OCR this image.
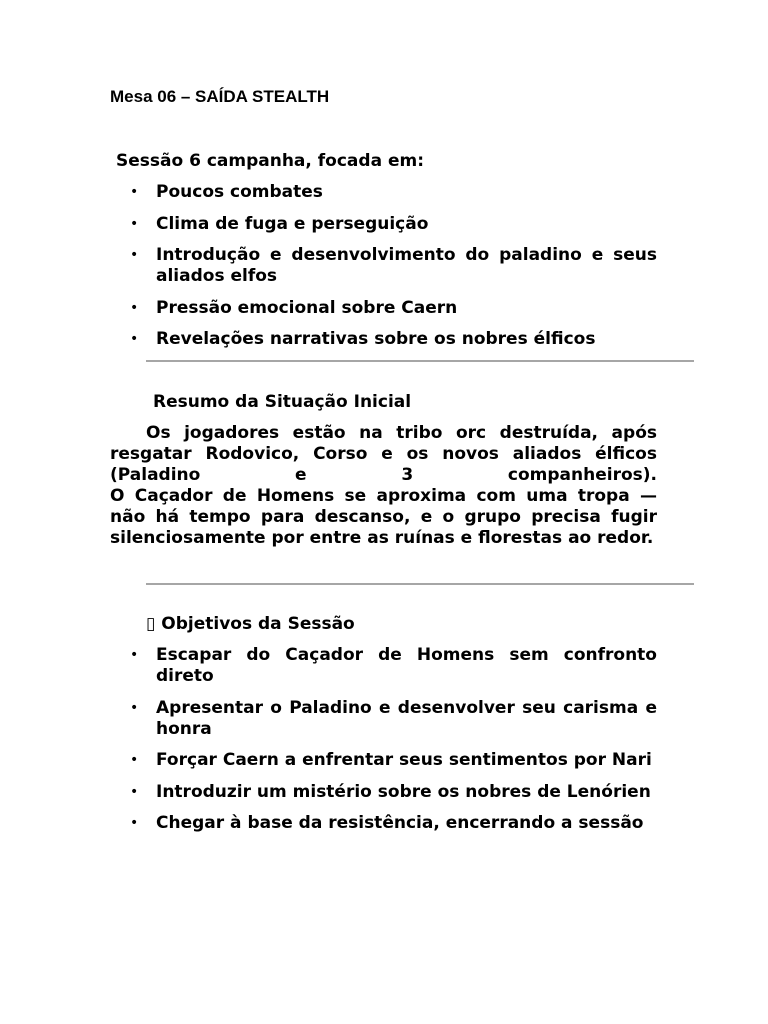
Mesa 06 – SAÍDA STEALTH

Sessão 6 campanha, focada em:

• Poucos combates
• Clima de fuga e perseguição
• Introdução e desenvolvimento do paladino e seus aliados elfos
• Pressão emocional sobre Caern
• Revelações narrativas sobre os nobres élficos

Resumo da Situação Inicial

Os jogadores estão na tribo orc destruída, após resgatar Rodovico, Corso e os novos aliados élficos (Paladino e 3 companheiros).

O Caçador de Homens se aproxima com uma tropa — não há tempo para descanso, e o grupo precisa fugir silenciosamente por entre as ruínas e florestas ao redor.

▯ Objetivos da Sessão

• Escapar do Caçador de Homens sem confronto direto
• Apresentar o Paladino e desenvolver seu carisma e honra
• Forçar Caern a enfrentar seus sentimentos por Nari
• Introduzir um mistério sobre os nobres de Lenórien
• Chegar à base da resistência, encerrando a sessão
